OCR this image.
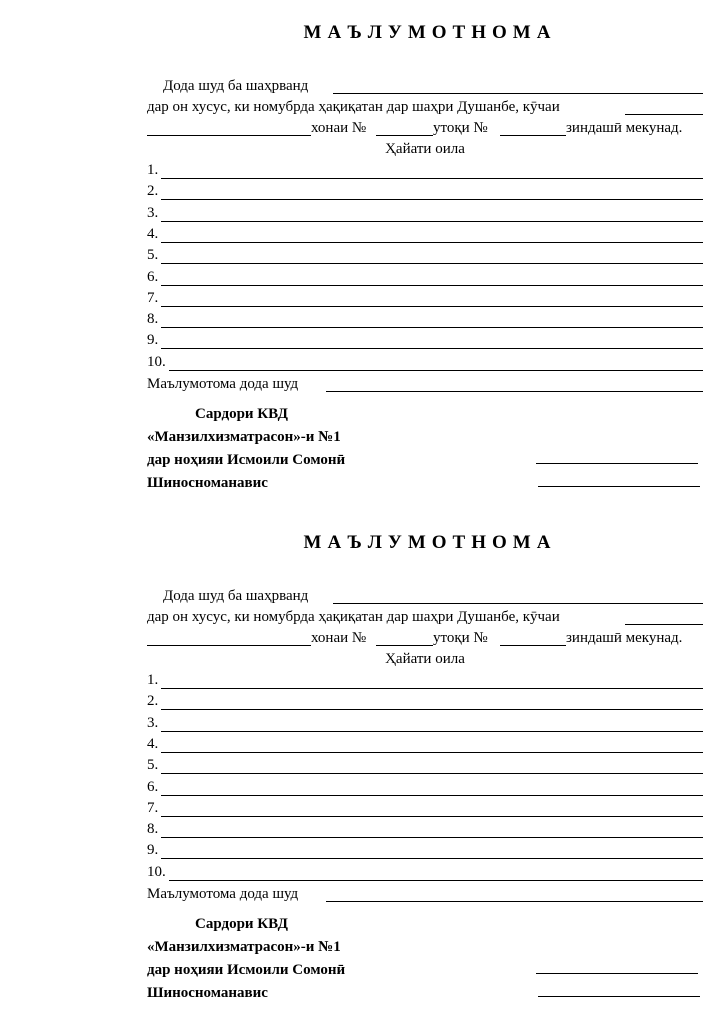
МАЪЛУМОТНОМА
Дода шуд ба шаҳрванд
дар он хусус, ки номубрда ҳақиқатан дар шаҳри Душанбе, кӯчаи
хонаи №	утоқи №	зиндашӣ мекунад.
Ҳайати оила
1.
2.
3.
4.
5.
6.
7.
8.
9.
10.
Маълумотома дода шуд
Сардори КВД
«Манзилхизматрасон»-и №1
дар ноҳияи Исмоили Сомонӣ
Шиносноманавис
МАЪЛУМОТНОМА
Дода шуд ба шаҳрванд
дар он хусус, ки номубрда ҳақиқатан дар шаҳри Душанбе, кӯчаи
хонаи №	утоқи №	зиндашӣ мекунад.
Ҳайати оила
1.
2.
3.
4.
5.
6.
7.
8.
9.
10.
Маълумотома дода шуд
Сардори КВД
«Манзилхизматрасон»-и №1
дар ноҳияи Исмоили Сомонӣ
Шиносноманавис
